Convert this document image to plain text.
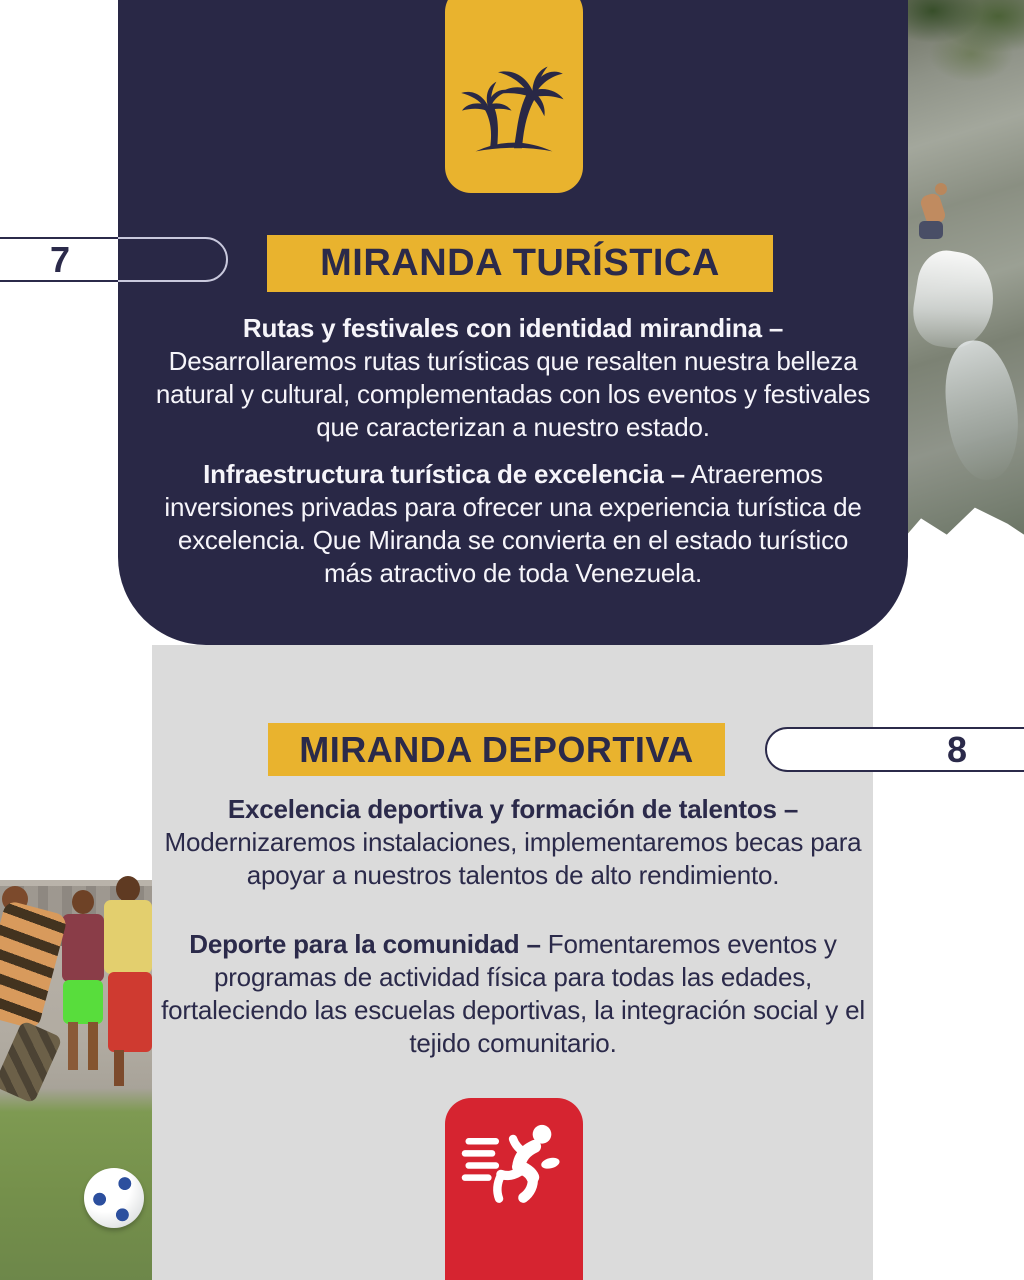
7	MIRANDA TURÍSTICA

Rutas y festivales con identidad mirandina – Desarrollaremos rutas turísticas que resalten nuestra belleza natural y cultural, complementadas con los eventos y festivales que caracterizan a nuestro estado.

Infraestructura turística de excelencia – Atraeremos inversiones privadas para ofrecer una experiencia turística de excelencia. Que Miranda se convierta en el estado turístico más atractivo de toda Venezuela.

MIRANDA DEPORTIVA	8

Excelencia deportiva y formación de talentos – Modernizaremos instalaciones, implementaremos becas para apoyar a nuestros talentos de alto rendimiento.

Deporte para la comunidad – Fomentaremos eventos y programas de actividad física para todas las edades, fortaleciendo las escuelas deportivas, la integración social y el tejido comunitario.
